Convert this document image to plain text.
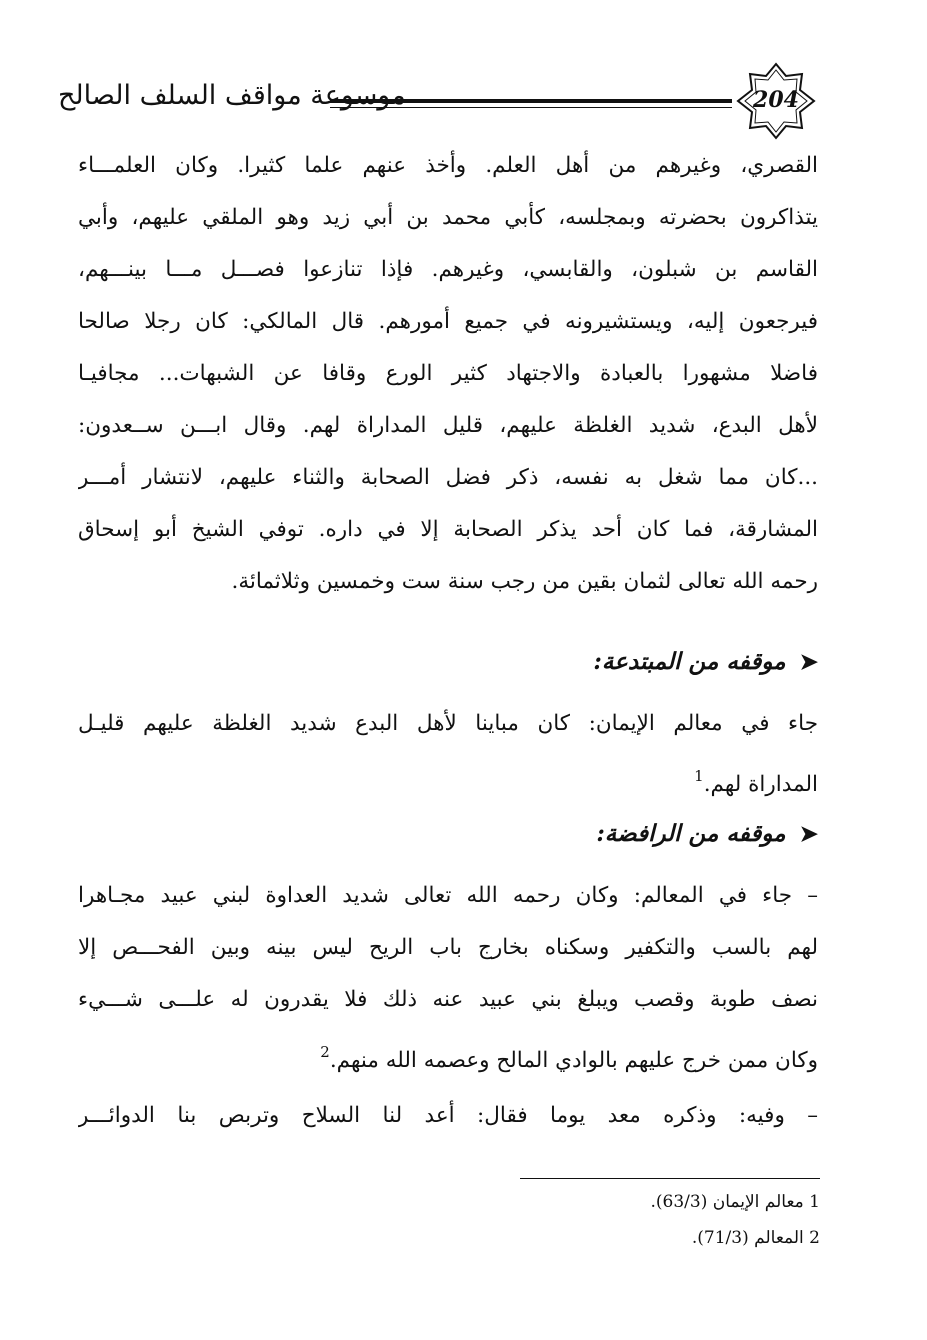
موسوعة مواقف السلف الصالح	204
القصري، وغيرهم من أهل العلم. وأخذ عنهم علما كثيرا. وكان العلمـــاء
يتذاكرون بحضرته وبمجلسه، كأبي محمد بن أبي زيد وهو الملقي عليهم، وأبي
القاسم بن شبلون، والقابسي، وغيرهم. فإذا تنازعوا فصـــل مـــا بينـــهم،
فيرجعون إليه، ويستشيرونه في جميع أمورهم. قال المالكي: كان رجلا صالحا
فاضلا مشهورا بالعبادة والاجتهاد كثير الورع وقافا عن الشبهات... مجافيـا
لأهل البدع، شديد الغلظة عليهم، قليل المداراة لهم. وقال ابـــن ســعدون:
...كان مما شغل به نفسه، ذكر فضل الصحابة والثناء عليهم، لانتشار أمـــر
المشارقة، فما كان أحد يذكر الصحابة إلا في داره. توفي الشيخ أبو إسحاق
رحمه الله تعالى لثمان بقين من رجب سنة ست وخمسين وثلاثمائة.
➤موقفه من المبتدعة:
جاء في معالم الإيمان: كان مباينا لأهل البدع شديد الغلظة عليهم قليـل
المداراة لهم.$^1$
➤موقفه من الرافضة:
– جاء في المعالم: وكان رحمه الله تعالى شديد العداوة لبني عبيد مجـاهرا
لهم بالسب والتكفير وسكناه بخارج باب الريح ليس بينه وبين الفحـــص إلا
نصف طوبة وقصب ويبلغ بني عبيد عنه ذلك فلا يقدرون له علـــى شـــيء
وكان ممن خرج عليهم بالوادي المالح وعصمه الله منهم.$^2$
– وفيه: وذكره معد يوما فقال: أعد لنا السلاح وتربص بنا الدوائـــر
1 معالم الإيمان (63/3).
2 المعالم (71/3).
